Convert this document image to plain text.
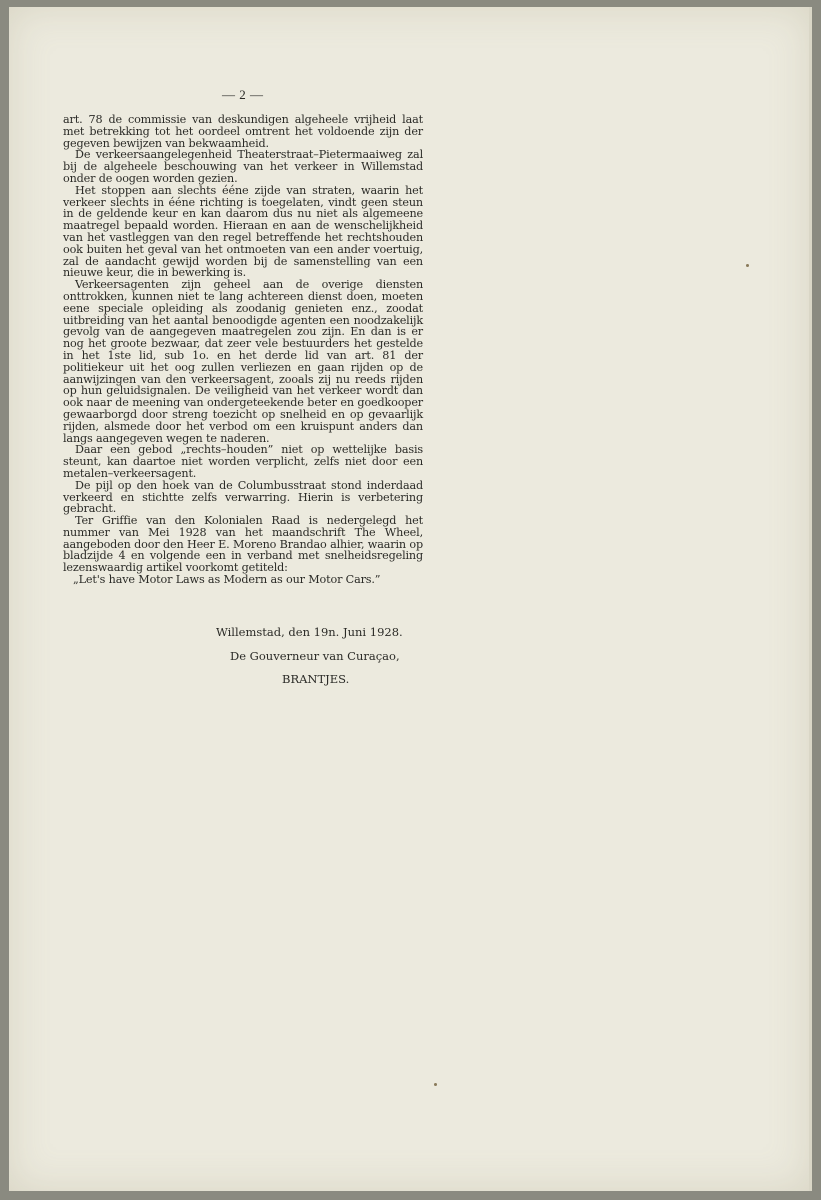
— 2 —

art. 78 de commissie van deskundigen algeheele vrijheid laat met betrekking tot het oordeel omtrent het voldoende zijn der gegeven bewijzen van bekwaamheid.

De verkeersaangelegenheid Theaterstraat–Pietermaaiweg zal bij de algeheele beschouwing van het verkeer in Willemstad onder de oogen worden gezien.

Het stoppen aan slechts ééne zijde van straten, waarin het verkeer slechts in ééne richting is toegelaten, vindt geen steun in de geldende keur en kan daarom dus nu niet als algemeene maatregel bepaald worden. Hieraan en aan de wenschelijkheid van het vastleggen van den regel betreffende het rechtshouden ook buiten het geval van het ontmoeten van een ander voertuig, zal de aandacht gewijd worden bij de samenstelling van een nieuwe keur, die in bewerking is.

Verkeersagenten zijn geheel aan de overige diensten onttrokken, kunnen niet te lang achtereen dienst doen, moeten eene speciale opleiding als zoodanig genieten enz., zoodat uitbreiding van het aantal benoodigde agenten een noodzakelijk gevolg van de aangegeven maatregelen zou zijn. En dan is er nog het groote bezwaar, dat zeer vele bestuurders het gestelde in het 1ste lid, sub 1o. en het derde lid van art. 81 der politiekeur uit het oog zullen verliezen en gaan rijden op de aanwijzingen van den verkeersagent, zooals zij nu reeds rijden op hun geluidsignalen. De veiligheid van het verkeer wordt dan ook naar de meening van ondergeteekende beter en goedkooper gewaarborgd door streng toezicht op snelheid en op gevaarlijk rijden, alsmede door het verbod om een kruispunt anders dan langs aangegeven wegen te naderen.

Daar een gebod „rechts–houden” niet op wettelijke basis steunt, kan daartoe niet worden verplicht, zelfs niet door een metalen–verkeersagent.

De pijl op den hoek van de Columbusstraat stond inderdaad verkeerd en stichtte zelfs verwarring. Hierin is verbetering gebracht.

Ter Griffie van den Kolonialen Raad is nedergelegd het nummer van Mei 1928 van het maandschrift The Wheel, aangeboden door den Heer E. Moreno Brandao alhier, waarin op bladzijde 4 en volgende een in verband met snelheidsregeling lezenswaardig artikel voorkomt getiteld:

„Let's have Motor Laws as Modern as our Motor Cars.”

Willemstad, den 19n. Juni 1928.
De Gouverneur van Curaçao,
BRANTJES.
